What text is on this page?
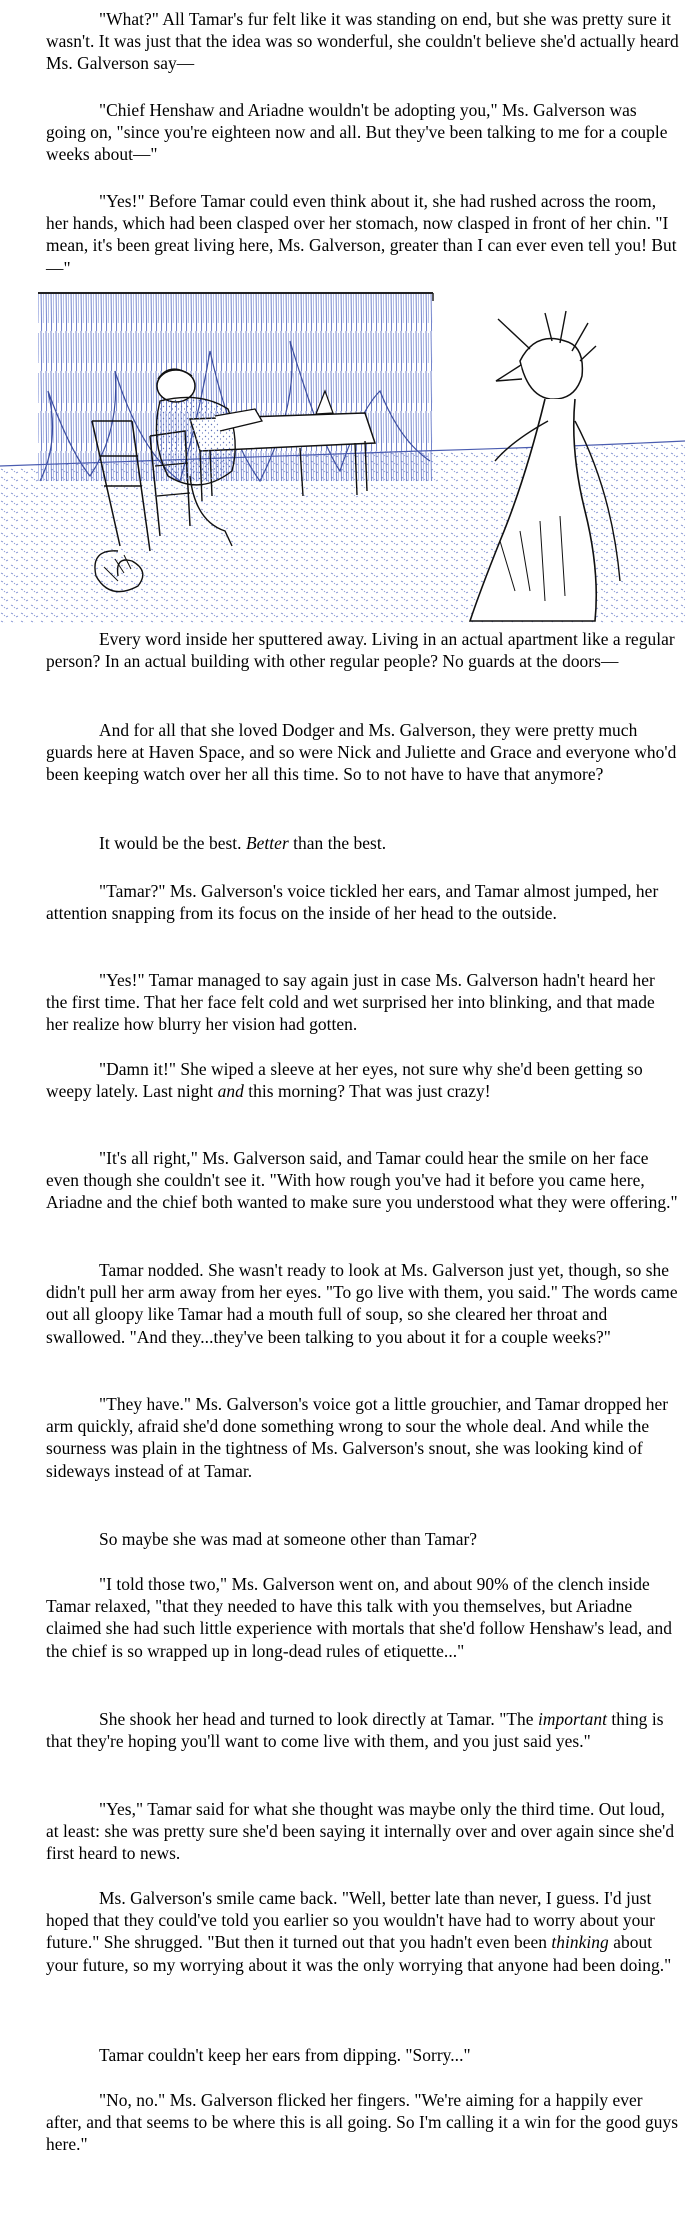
"What?" All Tamar's fur felt like it was standing on end, but she was pretty sure it wasn't. It was just that the idea was so wonderful, she couldn't believe she'd actually heard Ms. Galverson say—

"Chief Henshaw and Ariadne wouldn't be adopting you," Ms. Galverson was going on, "since you're eighteen now and all. But they've been talking to me for a couple weeks about—"

"Yes!" Before Tamar could even think about it, she had rushed across the room, her hands, which had been clasped over her stomach, now clasped in front of her chin. "I mean, it's been great living here, Ms. Galverson, greater than I can ever even tell you! But—"

Every word inside her sputtered away. Living in an actual apartment like a regular person? In an actual building with other regular people? No guards at the doors—

And for all that she loved Dodger and Ms. Galverson, they were pretty much guards here at Haven Space, and so were Nick and Juliette and Grace and everyone who'd been keeping watch over her all this time. So to not have to have that anymore?

It would be the best. Better than the best.

"Tamar?" Ms. Galverson's voice tickled her ears, and Tamar almost jumped, her attention snapping from its focus on the inside of her head to the outside.

"Yes!" Tamar managed to say again just in case Ms. Galverson hadn't heard her the first time. That her face felt cold and wet surprised her into blinking, and that made her realize how blurry her vision had gotten.

"Damn it!" She wiped a sleeve at her eyes, not sure why she'd been getting so weepy lately. Last night and this morning? That was just crazy!

"It's all right," Ms. Galverson said, and Tamar could hear the smile on her face even though she couldn't see it. "With how rough you've had it before you came here, Ariadne and the chief both wanted to make sure you understood what they were offering."

Tamar nodded. She wasn't ready to look at Ms. Galverson just yet, though, so she didn't pull her arm away from her eyes. "To go live with them, you said." The words came out all gloopy like Tamar had a mouth full of soup, so she cleared her throat and swallowed. "And they...they've been talking to you about it for a couple weeks?"

"They have." Ms. Galverson's voice got a little grouchier, and Tamar dropped her arm quickly, afraid she'd done something wrong to sour the whole deal. And while the sourness was plain in the tightness of Ms. Galverson's snout, she was looking kind of sideways instead of at Tamar.

So maybe she was mad at someone other than Tamar?

"I told those two," Ms. Galverson went on, and about 90% of the clench inside Tamar relaxed, "that they needed to have this talk with you themselves, but Ariadne claimed she had such little experience with mortals that she'd follow Henshaw's lead, and the chief is so wrapped up in long-dead rules of etiquette..."

She shook her head and turned to look directly at Tamar. "The important thing is that they're hoping you'll want to come live with them, and you just said yes."

"Yes," Tamar said for what she thought was maybe only the third time. Out loud, at least: she was pretty sure she'd been saying it internally over and over again since she'd first heard to news.

Ms. Galverson's smile came back. "Well, better late than never, I guess. I'd just hoped that they could've told you earlier so you wouldn't have had to worry about your future." She shrugged. "But then it turned out that you hadn't even been thinking about your future, so my worrying about it was the only worrying that anyone had been doing."

Tamar couldn't keep her ears from dipping. "Sorry..."

"No, no." Ms. Galverson flicked her fingers. "We're aiming for a happily ever after, and that seems to be where this is all going. So I'm calling it a win for the good guys here."
